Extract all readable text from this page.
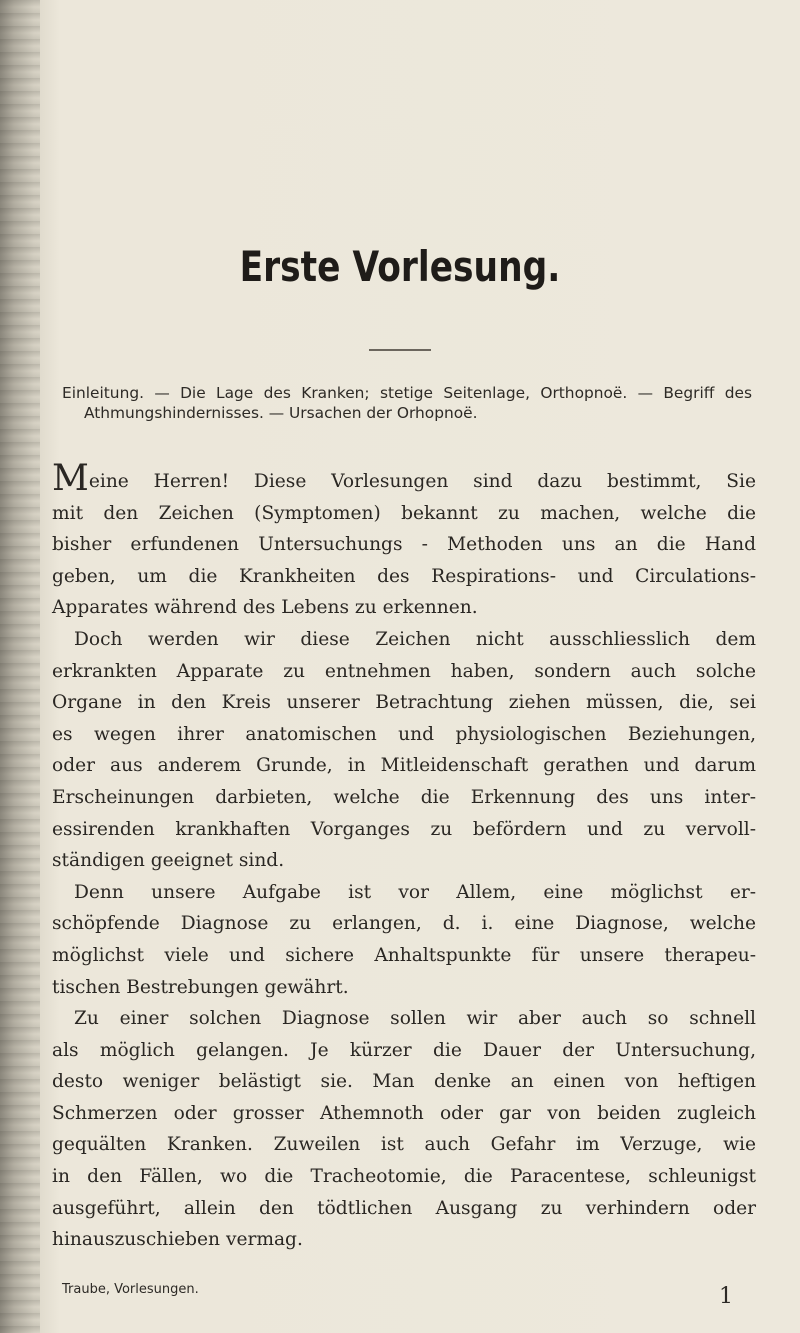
Erste Vorlesung.
Einleitung. — Die Lage des Kranken; stetige Seitenlage, Orthopnoë. — Begriff des
Athmungshindernisses. — Ursachen der Orhopnoë.
Meine Herren! Diese Vorlesungen sind dazu bestimmt, Sie
mit den Zeichen (Symptomen) bekannt zu machen, welche die
bisher erfundenen Untersuchungs - Methoden uns an die Hand
geben, um die Krankheiten des Respirations- und Circulations-
Apparates während des Lebens zu erkennen.
Doch werden wir diese Zeichen nicht ausschliesslich dem
erkrankten Apparate zu entnehmen haben, sondern auch solche
Organe in den Kreis unserer Betrachtung ziehen müssen, die, sei
es wegen ihrer anatomischen und physiologischen Beziehungen,
oder aus anderem Grunde, in Mitleidenschaft gerathen und darum
Erscheinungen darbieten, welche die Erkennung des uns inter-
essirenden krankhaften Vorganges zu befördern und zu vervoll-
ständigen geeignet sind.
Denn unsere Aufgabe ist vor Allem, eine möglichst er-
schöpfende Diagnose zu erlangen, d. i. eine Diagnose, welche
möglichst viele und sichere Anhaltspunkte für unsere therapeu-
tischen Bestrebungen gewährt.
Zu einer solchen Diagnose sollen wir aber auch so schnell
als möglich gelangen. Je kürzer die Dauer der Untersuchung,
desto weniger belästigt sie. Man denke an einen von heftigen
Schmerzen oder grosser Athemnoth oder gar von beiden zugleich
gequälten Kranken. Zuweilen ist auch Gefahr im Verzuge, wie
in den Fällen, wo die Tracheotomie, die Paracentese, schleunigst
ausgeführt, allein den tödtlichen Ausgang zu verhindern oder
hinauszuschieben vermag.
Traube, Vorlesungen.	1
